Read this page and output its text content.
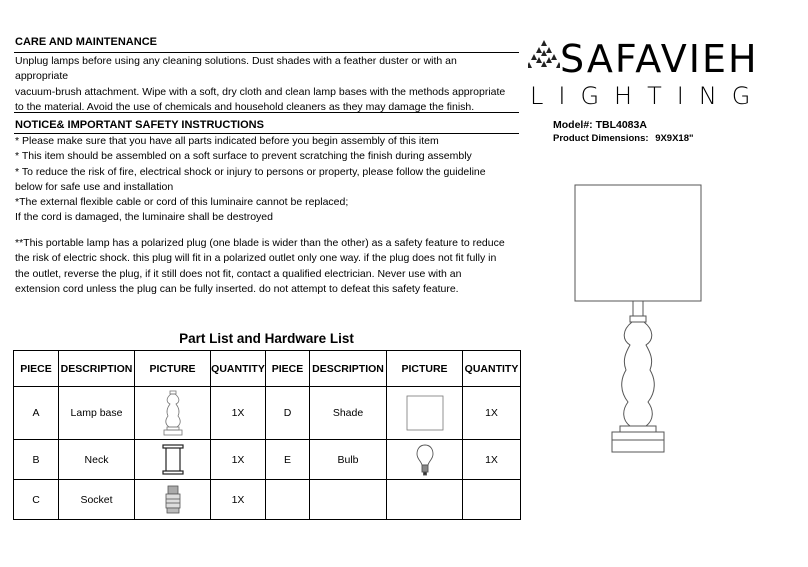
CARE AND MAINTENANCE
Unplug lamps before using any cleaning solutions. Dust shades with a feather duster or with an
appropriate
vacuum-brush attachment. Wipe with a soft, dry cloth and clean lamp bases with the methods appropriate
to the material. Avoid the use of chemicals and household cleaners as they may damage the finish.
NOTICE& IMPORTANT SAFETY INSTRUCTIONS
* Please make sure that you have all parts indicated before you begin assembly of this item
* This item should be assembled on a soft surface to prevent scratching the finish during assembly
* To reduce the risk of fire, electrical shock or injury to persons or property, please follow the guideline
below for safe use and installation
*The external flexible cable or cord of this luminaire cannot be replaced;
If the cord is damaged, the luminaire shall be destroyed
**This portable lamp has a polarized plug (one blade is wider than the other) as a safety feature to reduce
the risk of electric shock. this plug will fit in a polarized outlet only one way. if the plug does not fit fully in
the outlet, reverse the plug, if it still does not fit, contact a qualified electrician. Never use with an
extension cord unless the plug can be fully inserted. do not attempt to defeat this safety feature.
SAFAVIEH
LIGHTING
Model#: TBL4083A
Product Dimensions: 9X9X18"
Part List and Hardware List
PIECE	DESCRIPTION	PICTURE	QUANTITY	PIECE	DESCRIPTION	PICTURE	QUANTITY
A	Lamp base		1X	D	Shade		1X
B	Neck		1X	E	Bulb		1X
C	Socket		1X				
